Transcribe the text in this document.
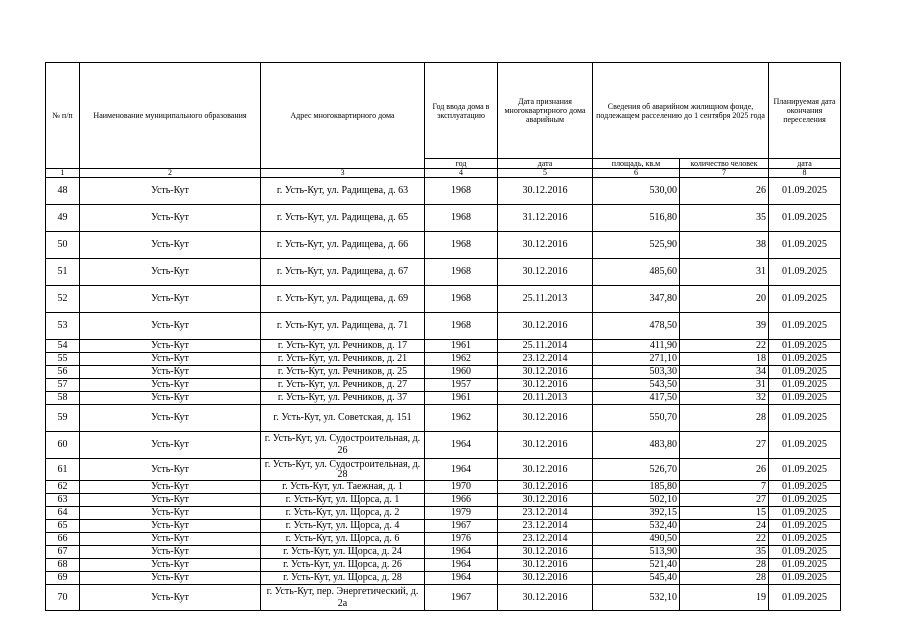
№ п/п	Наименование муниципального образования	Адрес многоквартирного дома	Год ввода дома в эксплуатацию	Дата признания многоквартирного дома аварийным	Сведения об аварийном жилищном фонде, подлежащем расселению до 1 сентября 2025 года		Планируемая дата окончания переселения
			год	дата	площадь, кв.м	количество человек	дата
1	2	3	4	5	6	7	8
48	Усть-Кут	г. Усть-Кут, ул. Радищева, д. 63	1968	30.12.2016	530,00	26	01.09.2025
49	Усть-Кут	г. Усть-Кут, ул. Радищева, д. 65	1968	31.12.2016	516,80	35	01.09.2025
50	Усть-Кут	г. Усть-Кут, ул. Радищева, д. 66	1968	30.12.2016	525,90	38	01.09.2025
51	Усть-Кут	г. Усть-Кут, ул. Радищева, д. 67	1968	30.12.2016	485,60	31	01.09.2025
52	Усть-Кут	г. Усть-Кут, ул. Радищева, д. 69	1968	25.11.2013	347,80	20	01.09.2025
53	Усть-Кут	г. Усть-Кут, ул. Радищева, д. 71	1968	30.12.2016	478,50	39	01.09.2025
54	Усть-Кут	г. Усть-Кут, ул. Речников, д. 17	1961	25.11.2014	411,90	22	01.09.2025
55	Усть-Кут	г. Усть-Кут, ул. Речников, д. 21	1962	23.12.2014	271,10	18	01.09.2025
56	Усть-Кут	г. Усть-Кут, ул. Речников, д. 25	1960	30.12.2016	503,30	34	01.09.2025
57	Усть-Кут	г. Усть-Кут, ул. Речников, д. 27	1957	30.12.2016	543,50	31	01.09.2025
58	Усть-Кут	г. Усть-Кут, ул. Речников, д. 37	1961	20.11.2013	417,50	32	01.09.2025
59	Усть-Кут	г. Усть-Кут, ул. Советская, д. 151	1962	30.12.2016	550,70	28	01.09.2025
60	Усть-Кут	г. Усть-Кут, ул. Судостроительная, д. 26	1964	30.12.2016	483,80	27	01.09.2025
61	Усть-Кут	г. Усть-Кут, ул. Судостроительная, д. 28	1964	30.12.2016	526,70	26	01.09.2025
62	Усть-Кут	г. Усть-Кут, ул. Таежная, д. 1	1970	30.12.2016	185,80	7	01.09.2025
63	Усть-Кут	г. Усть-Кут, ул. Щорса, д. 1	1966	30.12.2016	502,10	27	01.09.2025
64	Усть-Кут	г. Усть-Кут, ул. Щорса, д. 2	1979	23.12.2014	392,15	15	01.09.2025
65	Усть-Кут	г. Усть-Кут, ул. Щорса, д. 4	1967	23.12.2014	532,40	24	01.09.2025
66	Усть-Кут	г. Усть-Кут, ул. Щорса, д. 6	1976	23.12.2014	490,50	22	01.09.2025
67	Усть-Кут	г. Усть-Кут, ул. Щорса, д. 24	1964	30.12.2016	513,90	35	01.09.2025
68	Усть-Кут	г. Усть-Кут, ул. Щорса, д. 26	1964	30.12.2016	521,40	28	01.09.2025
69	Усть-Кут	г. Усть-Кут, ул. Щорса, д. 28	1964	30.12.2016	545,40	28	01.09.2025
70	Усть-Кут	г. Усть-Кут, пер. Энергетический, д. 2а	1967	30.12.2016	532,10	19	01.09.2025
